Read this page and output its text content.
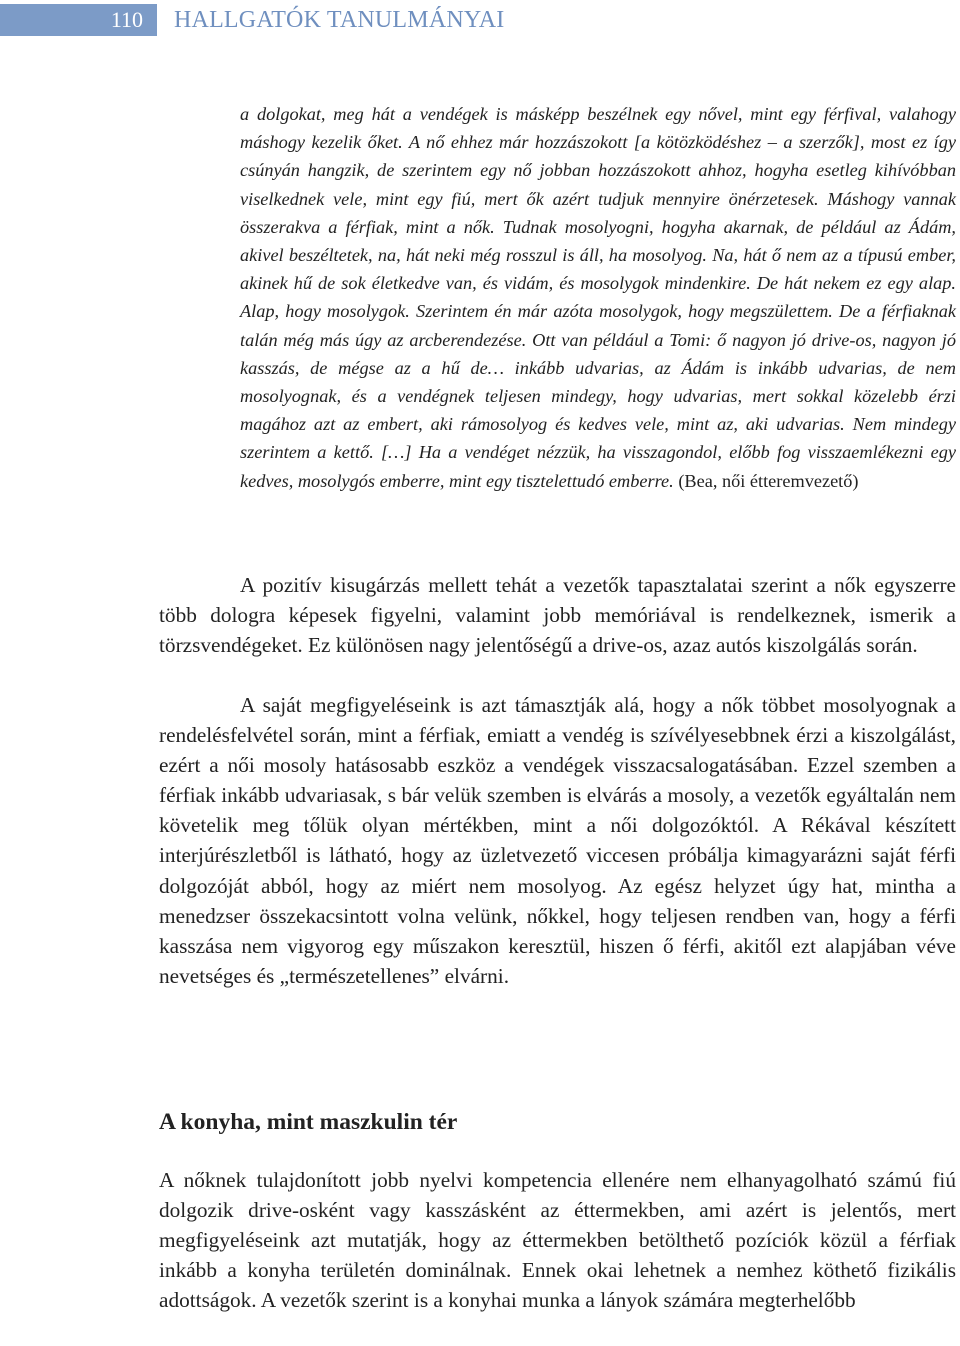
110	HALLGATÓK TANULMÁNYAI

a dolgokat, meg hát a vendégek is másképp beszélnek egy nővel, mint egy férfival, valahogy máshogy kezelik őket. A nő ehhez már hozzászokott [a kötözködéshez – a szerzők], most ez így csúnyán hangzik, de szerintem egy nő jobban hozzászokott ahhoz, hogyha esetleg kihívóbban viselkednek vele, mint egy fiú, mert ők azért tudjuk mennyire önérzetesek. Máshogy vannak összerakva a férfiak, mint a nők. Tudnak mosolyogni, hogyha akarnak, de például az Ádám, akivel beszéltetek, na, hát neki még rosszul is áll, ha mosolyog. Na, hát ő nem az a típusú ember, akinek hű de sok életkedve van, és vidám, és mosolygok mindenkire. De hát nekem ez egy alap. Alap, hogy mosolygok. Szerintem én már azóta mosolygok, hogy megszülettem. De a férfiaknak talán még más úgy az arcberendezése. Ott van például a Tomi: ő nagyon jó drive-os, nagyon jó kasszás, de mégse az a hű de… inkább udvarias, az Ádám is inkább udvarias, de nem mosolyognak, és a vendégnek teljesen mindegy, hogy udvarias, mert sokkal közelebb érzi magához azt az embert, aki rámosolyog és kedves vele, mint az, aki udvarias. Nem mindegy szerintem a kettő. […] Ha a vendéget nézzük, ha visszagondol, előbb fog visszaemlékezni egy kedves, mosolygós emberre, mint egy tisztelettudó emberre. (Bea, női étteremvezető)

A pozitív kisugárzás mellett tehát a vezetők tapasztalatai szerint a nők egyszerre több dologra képesek figyelni, valamint jobb memóriával is rendelkeznek, ismerik a törzsvendégeket. Ez különösen nagy jelentőségű a drive-os, azaz autós kiszolgálás során.

A saját megfigyeléseink is azt támasztják alá, hogy a nők többet mosolyognak a rendelésfelvétel során, mint a férfiak, emiatt a vendég is szívélyesebbnek érzi a kiszolgálást, ezért a női mosoly hatásosabb eszköz a vendégek visszacsalogatásában. Ezzel szemben a férfiak inkább udvariasak, s bár velük szemben is elvárás a mosoly, a vezetők egyáltalán nem követelik meg tőlük olyan mértékben, mint a női dolgozóktól. A Rékával készített interjúrészletből is látható, hogy az üzletvezető viccesen próbálja kimagyarázni saját férfi dolgozóját abból, hogy az miért nem mosolyog. Az egész helyzet úgy hat, mintha a menedzser összekacsintott volna velünk, nőkkel, hogy teljesen rendben van, hogy a férfi kasszása nem vigyorog egy műszakon keresztül, hiszen ő férfi, akitől ezt alapjában véve nevetséges és „természetellenes” elvárni.

A konyha, mint maszkulin tér

A nőknek tulajdonított jobb nyelvi kompetencia ellenére nem elhanyagolható számú fiú dolgozik drive-osként vagy kasszásként az éttermekben, ami azért is jelentős, mert megfigyeléseink azt mutatják, hogy az éttermekben betölthető pozíciók közül a férfiak inkább a konyha területén dominálnak. Ennek okai lehetnek a nemhez köthető fizikális adottságok. A vezetők szerint is a konyhai munka a lányok számára megterhelőbb
